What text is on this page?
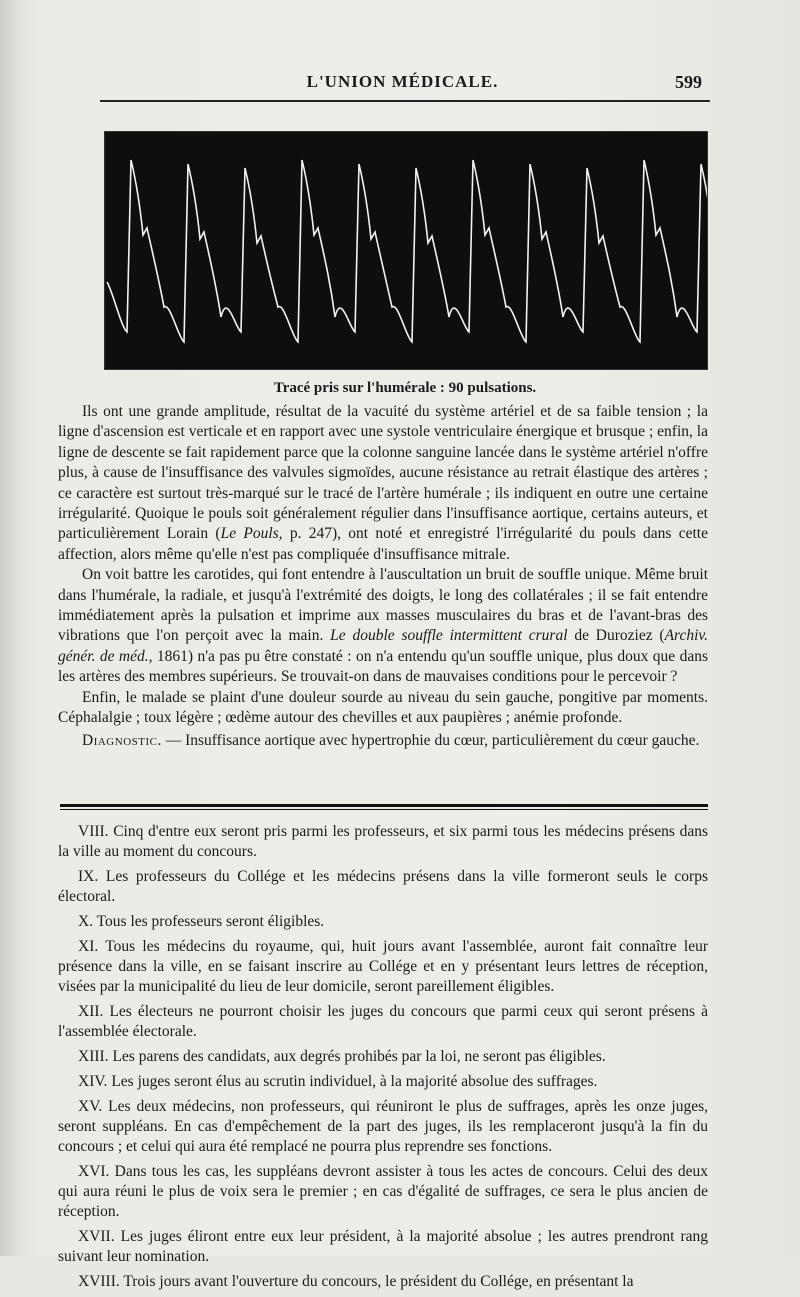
L'UNION MÉDICALE.	599
Tracé pris sur l'humérale : 90 pulsations.

Ils ont une grande amplitude, résultat de la vacuité du système artériel et de sa faible tension ; la ligne d'ascension est verticale et en rapport avec une systole ventriculaire énergique et brusque ; enfin, la ligne de descente se fait rapidement parce que la colonne sanguine lancée dans le système artériel n'offre plus, à cause de l'insuffisance des valvules sigmoïdes, aucune résistance au retrait élastique des artères ; ce caractère est surtout très-marqué sur le tracé de l'artère humérale ; ils indiquent en outre une certaine irrégularité. Quoique le pouls soit généralement régulier dans l'insuffisance aortique, certains auteurs, et particulièrement Lorain (Le Pouls, p. 247), ont noté et enregistré l'irrégularité du pouls dans cette affection, alors même qu'elle n'est pas compliquée d'insuffisance mitrale.

On voit battre les carotides, qui font entendre à l'auscultation un bruit de souffle unique. Même bruit dans l'humérale, la radiale, et jusqu'à l'extrémité des doigts, le long des collatérales ; il se fait entendre immédiatement après la pulsation et imprime aux masses musculaires du bras et de l'avant-bras des vibrations que l'on perçoit avec la main. Le double souffle intermittent crural de Duroziez (Archiv. génér. de méd., 1861) n'a pas pu être constaté : on n'a entendu qu'un souffle unique, plus doux que dans les artères des membres supérieurs. Se trouvait-on dans de mauvaises conditions pour le percevoir ?

Enfin, le malade se plaint d'une douleur sourde au niveau du sein gauche, pongitive par moments. Céphalalgie ; toux légère ; œdème autour des chevilles et aux paupières ; anémie profonde.

Diagnostic. — Insuffisance aortique avec hypertrophie du cœur, particulièrement du cœur gauche.

VIII. Cinq d'entre eux seront pris parmi les professeurs, et six parmi tous les médecins présens dans la ville au moment du concours.

IX. Les professeurs du Collége et les médecins présens dans la ville formeront seuls le corps électoral.

X. Tous les professeurs seront éligibles.

XI. Tous les médecins du royaume, qui, huit jours avant l'assemblée, auront fait connaître leur présence dans la ville, en se faisant inscrire au Collége et en y présentant leurs lettres de réception, visées par la municipalité du lieu de leur domicile, seront pareillement éligibles.

XII. Les électeurs ne pourront choisir les juges du concours que parmi ceux qui seront présens à l'assemblée électorale.

XIII. Les parens des candidats, aux degrés prohibés par la loi, ne seront pas éligibles.

XIV. Les juges seront élus au scrutin individuel, à la majorité absolue des suffrages.

XV. Les deux médecins, non professeurs, qui réuniront le plus de suffrages, après les onze juges, seront suppléans. En cas d'empêchement de la part des juges, ils les remplaceront jusqu'à la fin du concours ; et celui qui aura été remplacé ne pourra plus reprendre ses fonctions.

XVI. Dans tous les cas, les suppléans devront assister à tous les actes de concours. Celui des deux qui aura réuni le plus de voix sera le premier ; en cas d'égalité de suffrages, ce sera le plus ancien de réception.

XVII. Les juges éliront entre eux leur président, à la majorité absolue ; les autres prendront rang suivant leur nomination.

XVIII. Trois jours avant l'ouverture du concours, le président du Collége, en présentant la
